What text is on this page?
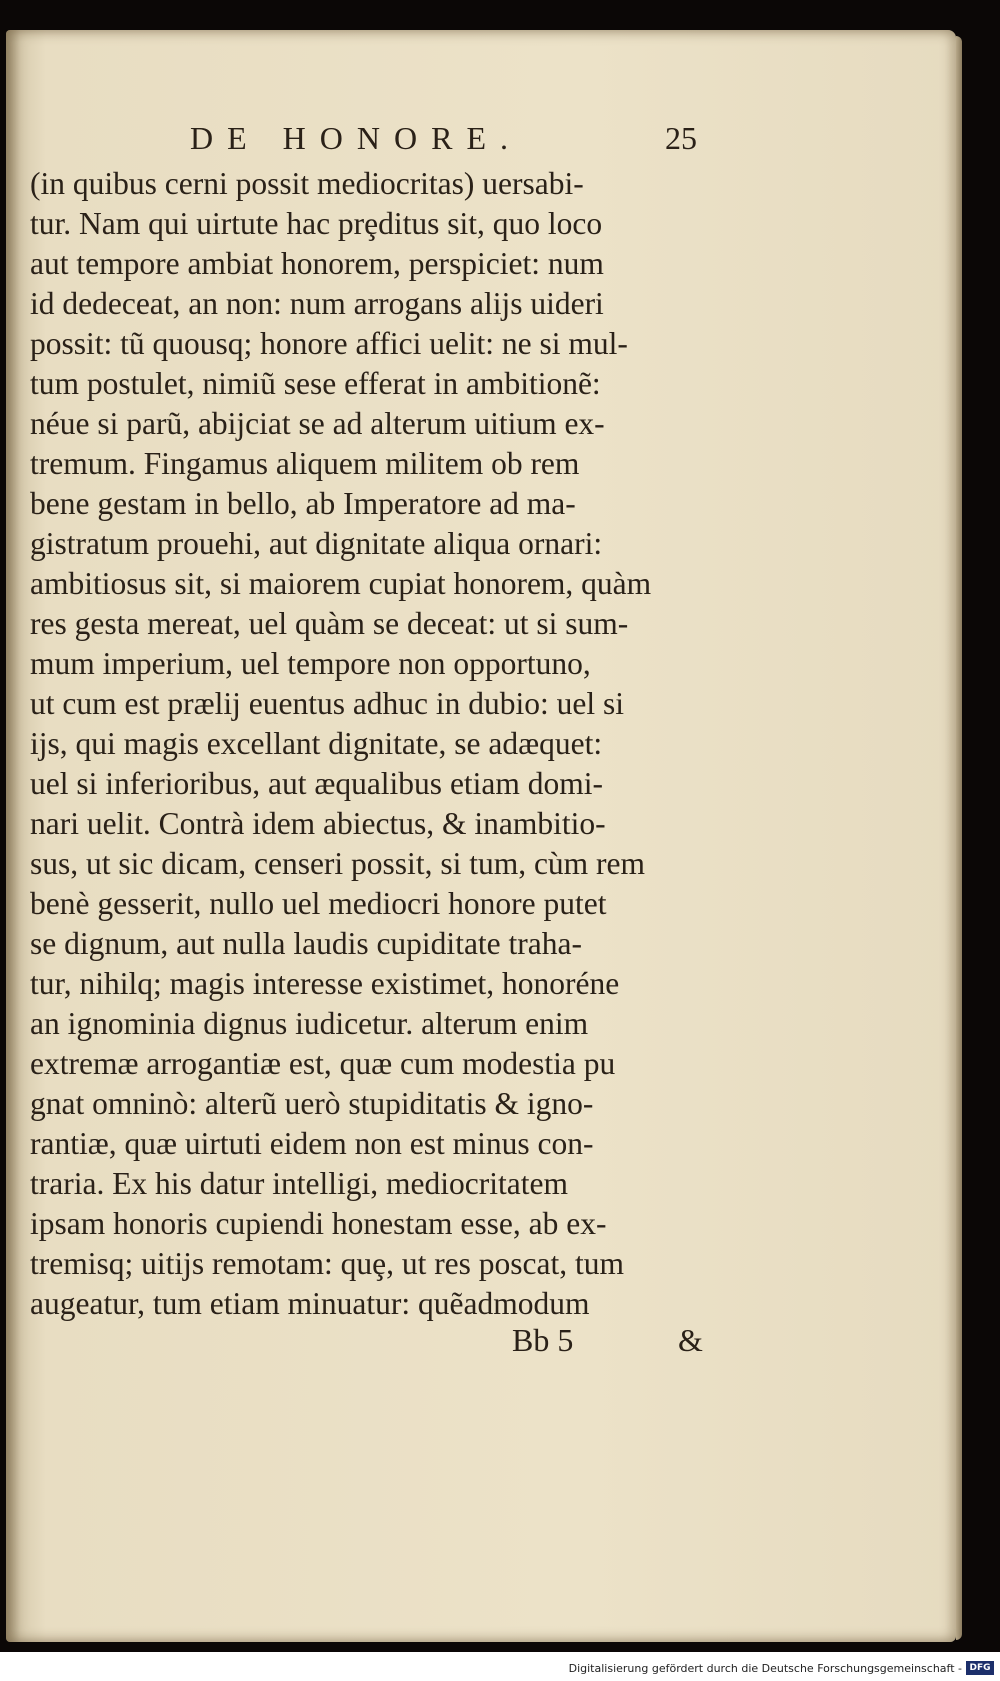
DE HONORE.	25
(in quibus cerni possit mediocritas) uersabi-
tur. Nam qui uirtute hac prȩditus sit, quo loco
aut tempore ambiat honorem, perspiciet: num
id dedeceat, an non: num arrogans alijs uideri
possit: tũ quousq; honore affici uelit: ne si mul-
tum postulet, nimiũ sese efferat in ambitionẽ:
néue si parũ, abijciat se ad alterum uitium ex-
tremum. Fingamus aliquem militem ob rem
bene gestam in bello, ab Imperatore ad ma-
gistratum prouehi, aut dignitate aliqua ornari:
ambitiosus sit, si maiorem cupiat honorem, quàm
res gesta mereat, uel quàm se deceat: ut si sum-
mum imperium, uel tempore non opportuno,
ut cum est prælij euentus adhuc in dubio: uel si
ijs, qui magis excellant dignitate, se adæquet:
uel si inferioribus, aut æqualibus etiam domi-
nari uelit. Contrà idem abiectus, & inambitio-
sus, ut sic dicam, censeri possit, si tum, cùm rem
benè gesserit, nullo uel mediocri honore putet
se dignum, aut nulla laudis cupiditate traha-
tur, nihilq; magis interesse existimet, honoréne
an ignominia dignus iudicetur. alterum enim
extremæ arrogantiæ est, quæ cum modestia pu
gnat omninò: alterũ uerò stupiditatis & igno-
rantiæ, quæ uirtuti eidem non est minus con-
traria. Ex his datur intelligi, mediocritatem
ipsam honoris cupiendi honestam esse, ab ex-
tremisq; uitijs remotam: quȩ, ut res poscat, tum
augeatur, tum etiam minuatur: quẽadmodum
Bb 5	&
Digitalisierung gefördert durch die Deutsche Forschungsgemeinschaft - DFG
